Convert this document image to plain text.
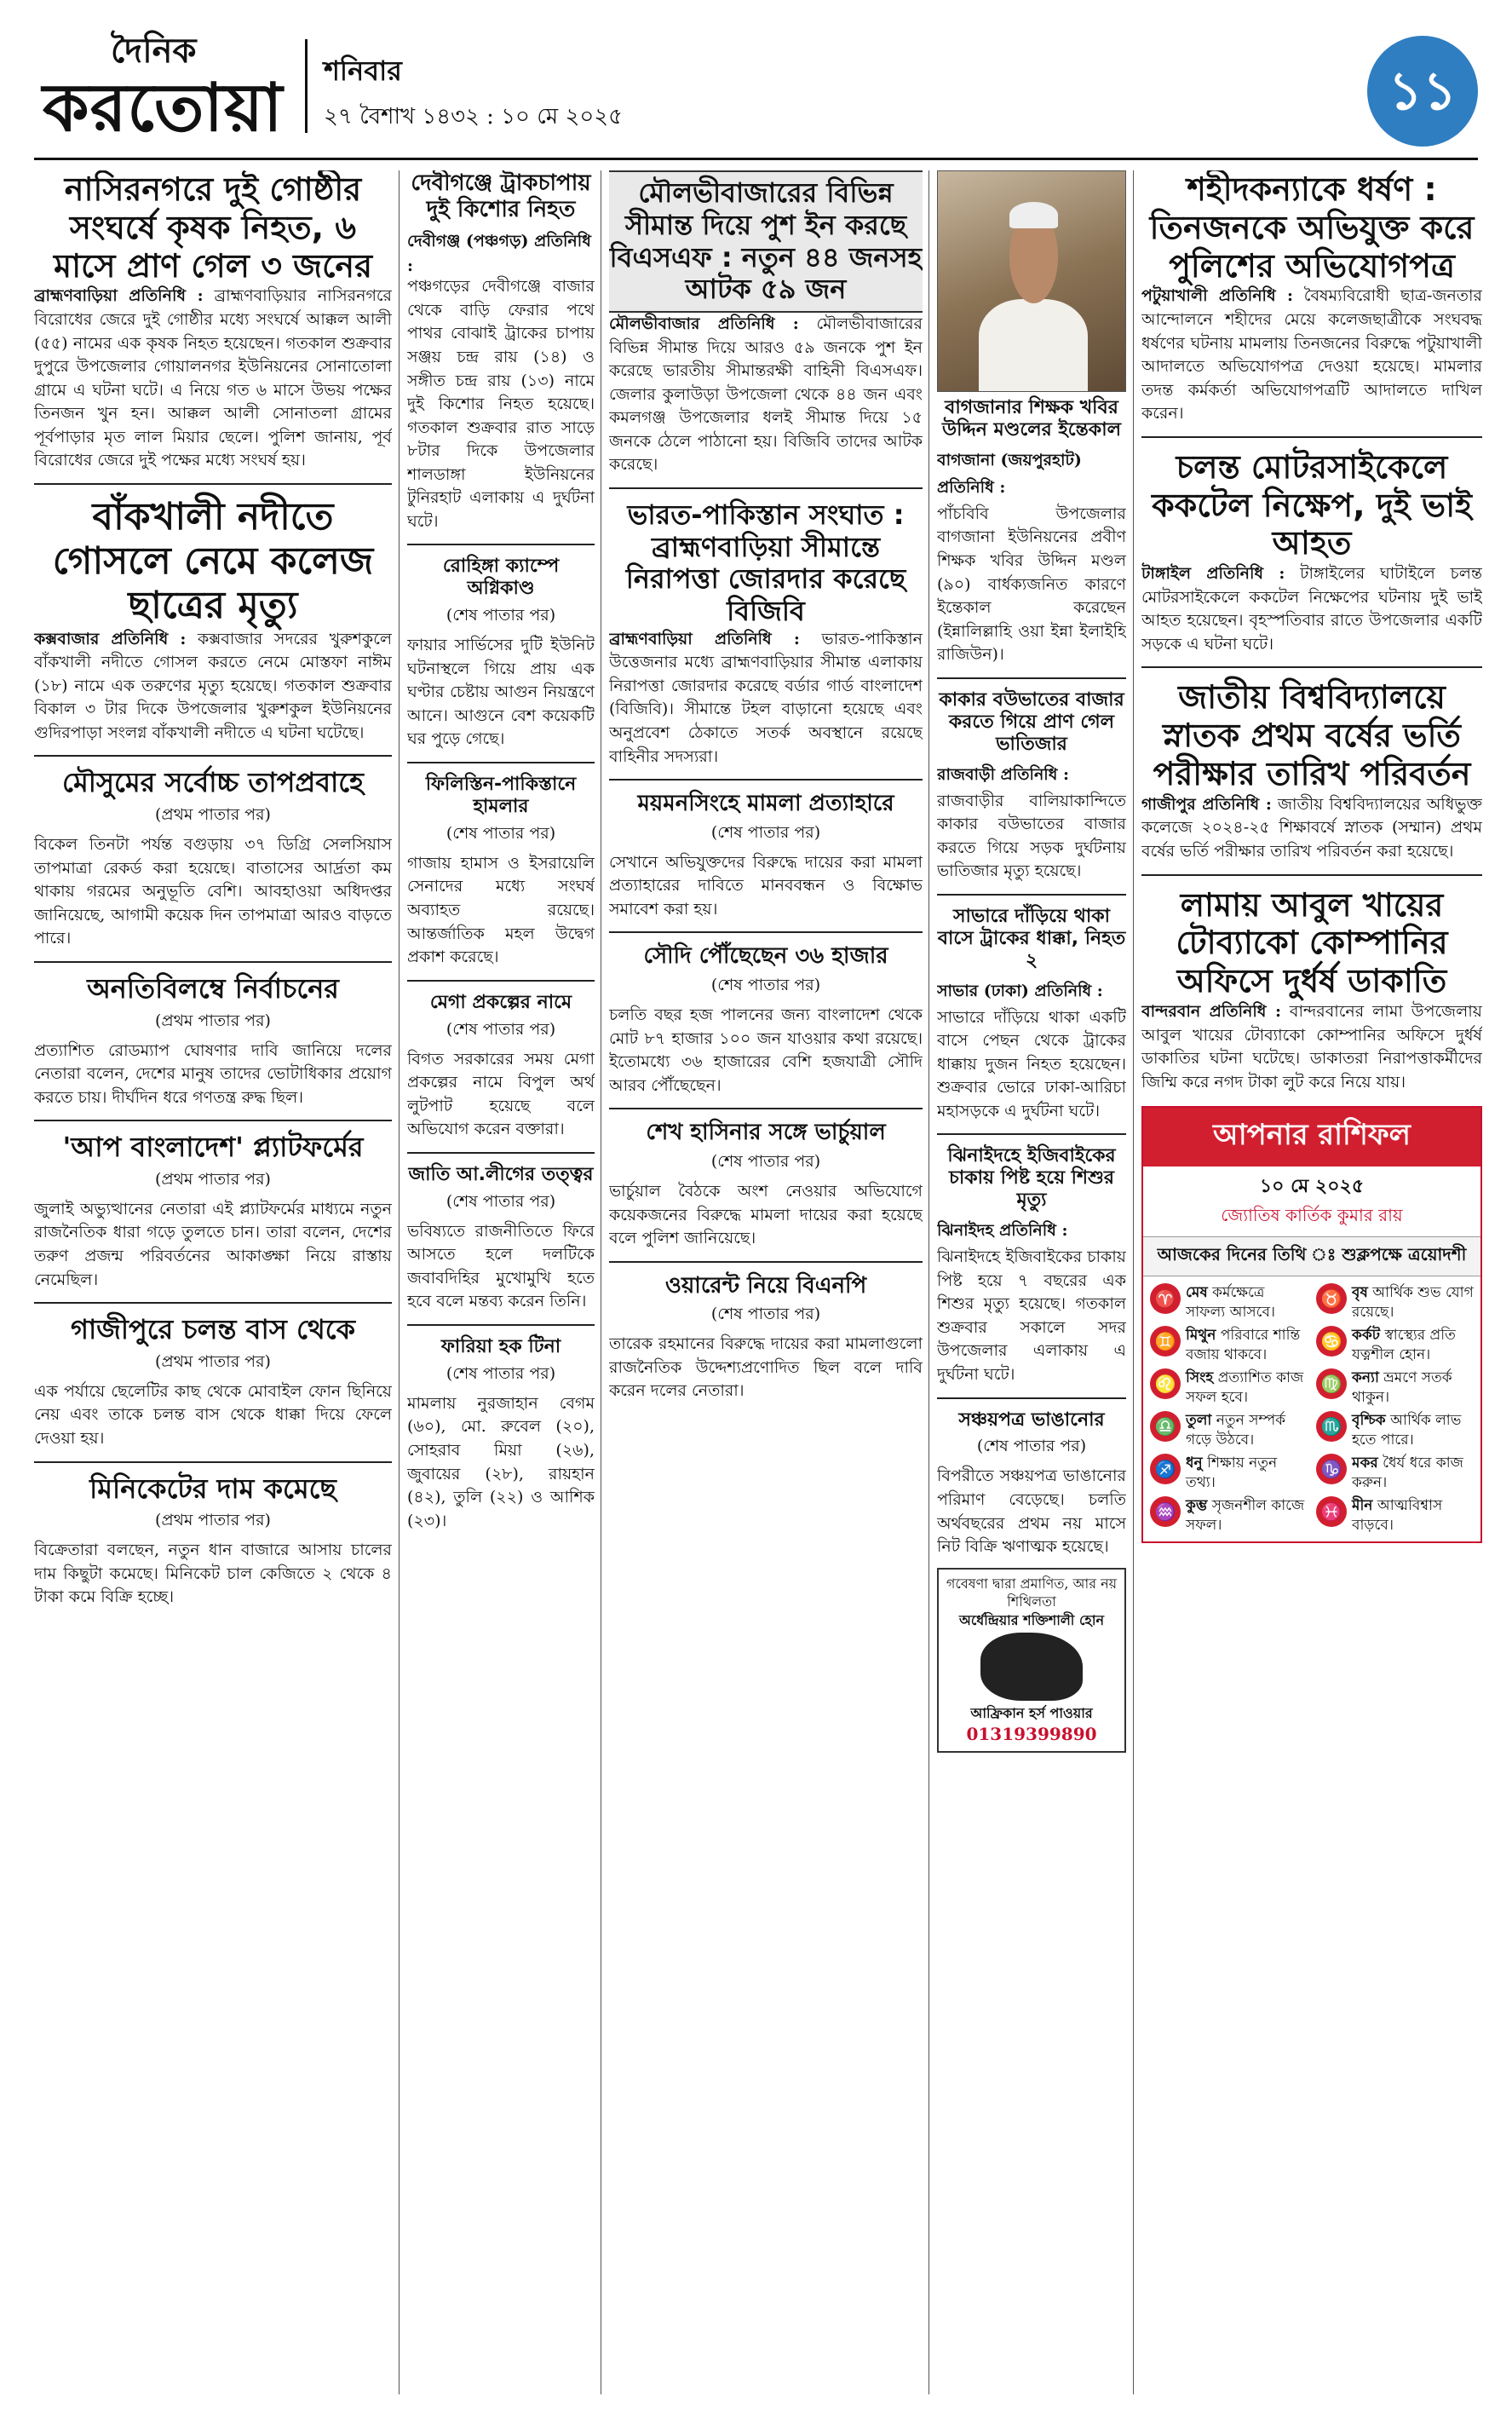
দৈনিক
করতোয়া শনিবার
২৭ বৈশাখ ১৪৩২ : ১০ মে ২০২৫	১১
নাসিরনগরে দুই গোষ্ঠীর সংঘর্ষে কৃষক নিহত, ৬ মাসে প্রাণ গেল ৩ জনের

ব্রাহ্মণবাড়িয়া প্রতিনিধি : ব্রাহ্মণবাড়িয়ার নাসিরনগরে বিরোধের জেরে দুই গোষ্ঠীর মধ্যে সংঘর্ষে আক্কল আলী (৫৫) নামের এক কৃষক নিহত হয়েছেন। গতকাল শুক্রবার দুপুরে উপজেলার গোয়ালনগর ইউনিয়নের সোনাতোলা গ্রামে এ ঘটনা ঘটে। এ নিয়ে গত ৬ মাসে উভয় পক্ষের তিনজন খুন হন। আক্কল আলী সোনাতলা গ্রামের পূর্বপাড়ার মৃত লাল মিয়ার ছেলে। পুলিশ জানায়, পূর্ব বিরোধের জেরে দুই পক্ষের মধ্যে সংঘর্ষ হয়।

বাঁকখালী নদীতে গোসলে নেমে কলেজ ছাত্রের মৃত্যু

কক্সবাজার প্রতিনিধি : কক্সবাজার সদরের খুরুশকুলে বাঁকখালী নদীতে গোসল করতে নেমে মোস্তফা নাঈম (১৮) নামে এক তরুণের মৃত্যু হয়েছে। গতকাল শুক্রবার বিকাল ৩ টার দিকে উপজেলার খুরুশকুল ইউনিয়নের গুদিরপাড়া সংলগ্ন বাঁকখালী নদীতে এ ঘটনা ঘটেছে।

মৌসুমের সর্বোচ্চ তাপপ্রবাহে
(প্রথম পাতার পর)
বিকেল তিনটা পর্যন্ত বগুড়ায় ৩৭ ডিগ্রি সেলসিয়াস তাপমাত্রা রেকর্ড করা হয়েছে। বাতাসের আর্দ্রতা কম থাকায় গরমের অনুভূতি বেশি। আবহাওয়া অধিদপ্তর জানিয়েছে, আগামী কয়েক দিন তাপমাত্রা আরও বাড়তে পারে।
অনতিবিলম্বে নির্বাচনের
(প্রথম পাতার পর)
প্রত্যাশিত রোডম্যাপ ঘোষণার দাবি জানিয়ে দলের নেতারা বলেন, দেশের মানুষ তাদের ভোটাধিকার প্রয়োগ করতে চায়। দীর্ঘদিন ধরে গণতন্ত্র রুদ্ধ ছিল।
'আপ বাংলাদেশ' প্ল্যাটফর্মের
(প্রথম পাতার পর)
জুলাই অভ্যুত্থানের নেতারা এই প্ল্যাটফর্মের মাধ্যমে নতুন রাজনৈতিক ধারা গড়ে তুলতে চান। তারা বলেন, দেশের তরুণ প্রজন্ম পরিবর্তনের আকাঙ্ক্ষা নিয়ে রাস্তায় নেমেছিল।
গাজীপুরে চলন্ত বাস থেকে
(প্রথম পাতার পর)
এক পর্যায়ে ছেলেটির কাছ থেকে মোবাইল ফোন ছিনিয়ে নেয় এবং তাকে চলন্ত বাস থেকে ধাক্কা দিয়ে ফেলে দেওয়া হয়।
মিনিকেটের দাম কমেছে
(প্রথম পাতার পর)
বিক্রেতারা বলছেন, নতুন ধান বাজারে আসায় চালের দাম কিছুটা কমেছে। মিনিকেট চাল কেজিতে ২ থেকে ৪ টাকা কমে বিক্রি হচ্ছে।
দেবীগঞ্জে ট্রাকচাপায় দুই কিশোর নিহত
দেবীগঞ্জ (পঞ্চগড়) প্রতিনিধি :
পঞ্চগড়ের দেবীগঞ্জে বাজার থেকে বাড়ি ফেরার পথে পাথর বোঝাই ট্রাকের চাপায় সঞ্জয় চন্দ্র রায় (১৪) ও সঙ্গীত চন্দ্র রায় (১৩) নামে দুই কিশোর নিহত হয়েছে। গতকাল শুক্রবার রাত সাড়ে ৮টার দিকে উপজেলার শালডাঙ্গা ইউনিয়নের টুনিরহাট এলাকায় এ দুর্ঘটনা ঘটে।
রোহিঙ্গা ক্যাম্পে অগ্নিকাণ্ড
(শেষ পাতার পর)
ফায়ার সার্ভিসের দুটি ইউনিট ঘটনাস্থলে গিয়ে প্রায় এক ঘণ্টার চেষ্টায় আগুন নিয়ন্ত্রণে আনে। আগুনে বেশ কয়েকটি ঘর পুড়ে গেছে।
ফিলিস্তিন-পাকিস্তানে হামলার
(শেষ পাতার পর)
গাজায় হামাস ও ইসরায়েলি সেনাদের মধ্যে সংঘর্ষ অব্যাহত রয়েছে। আন্তর্জাতিক মহল উদ্বেগ প্রকাশ করেছে।
মেগা প্রকল্পের নামে
(শেষ পাতার পর)
বিগত সরকারের সময় মেগা প্রকল্পের নামে বিপুল অর্থ লুটপাট হয়েছে বলে অভিযোগ করেন বক্তারা।
জাতি আ.লীগের তত্ত্বর
(শেষ পাতার পর)
ভবিষ্যতে রাজনীতিতে ফিরে আসতে হলে দলটিকে জবাবদিহির মুখোমুখি হতে হবে বলে মন্তব্য করেন তিনি।
ফারিয়া হক টিনা
(শেষ পাতার পর)
মামলায় নুরজাহান বেগম (৬০), মো. রুবেল (২০), সোহরাব মিয়া (২৬), জুবায়ের (২৮), রায়হান (৪২), তুলি (২২) ও আশিক (২৩)।
মৌলভীবাজারের বিভিন্ন সীমান্ত দিয়ে পুশ ইন করছে বিএসএফ : নতুন ৪৪ জনসহ আটক ৫৯ জন

মৌলভীবাজার প্রতিনিধি : মৌলভীবাজারের বিভিন্ন সীমান্ত দিয়ে আরও ৫৯ জনকে পুশ ইন করেছে ভারতীয় সীমান্তরক্ষী বাহিনী বিএসএফ। জেলার কুলাউড়া উপজেলা থেকে ৪৪ জন এবং কমলগঞ্জ উপজেলার ধলই সীমান্ত দিয়ে ১৫ জনকে ঠেলে পাঠানো হয়। বিজিবি তাদের আটক করেছে।

ভারত-পাকিস্তান সংঘাত : ব্রাহ্মণবাড়িয়া সীমান্তে নিরাপত্তা জোরদার করেছে বিজিবি

ব্রাহ্মণবাড়িয়া প্রতিনিধি : ভারত-পাকিস্তান উত্তেজনার মধ্যে ব্রাহ্মণবাড়িয়ার সীমান্ত এলাকায় নিরাপত্তা জোরদার করেছে বর্ডার গার্ড বাংলাদেশ (বিজিবি)। সীমান্তে টহল বাড়ানো হয়েছে এবং অনুপ্রবেশ ঠেকাতে সতর্ক অবস্থানে রয়েছে বাহিনীর সদস্যরা।

ময়মনসিংহে মামলা প্রত্যাহারে
(শেষ পাতার পর)
সেখানে অভিযুক্তদের বিরুদ্ধে দায়ের করা মামলা প্রত্যাহারের দাবিতে মানববন্ধন ও বিক্ষোভ সমাবেশ করা হয়।
সৌদি পৌঁছেছেন ৩৬ হাজার
(শেষ পাতার পর)
চলতি বছর হজ পালনের জন্য বাংলাদেশ থেকে মোট ৮৭ হাজার ১০০ জন যাওয়ার কথা রয়েছে। ইতোমধ্যে ৩৬ হাজারের বেশি হজযাত্রী সৌদি আরব পৌঁছেছেন।
শেখ হাসিনার সঙ্গে ভার্চুয়াল
(শেষ পাতার পর)
ভার্চুয়াল বৈঠকে অংশ নেওয়ার অভিযোগে কয়েকজনের বিরুদ্ধে মামলা দায়ের করা হয়েছে বলে পুলিশ জানিয়েছে।
ওয়ারেন্ট নিয়ে বিএনপি
(শেষ পাতার পর)
তারেক রহমানের বিরুদ্ধে দায়ের করা মামলাগুলো রাজনৈতিক উদ্দেশ্যপ্রণোদিত ছিল বলে দাবি করেন দলের নেতারা।
বাগজানার শিক্ষক খবির উদ্দিন মণ্ডলের ইন্তেকাল
বাগজানা (জয়পুরহাট) প্রতিনিধি :
পাঁচবিবি উপজেলার বাগজানা ইউনিয়নের প্রবীণ শিক্ষক খবির উদ্দিন মণ্ডল (৯০) বার্ধক্যজনিত কারণে ইন্তেকাল করেছেন (ইন্নালিল্লাহি ওয়া ইন্না ইলাইহি রাজিউন)।
কাকার বউভাতের বাজার করতে গিয়ে প্রাণ গেল ভাতিজার
রাজবাড়ী প্রতিনিধি :
রাজবাড়ীর বালিয়াকান্দিতে কাকার বউভাতের বাজার করতে গিয়ে সড়ক দুর্ঘটনায় ভাতিজার মৃত্যু হয়েছে।
সাভারে দাঁড়িয়ে থাকা বাসে ট্রাকের ধাক্কা, নিহত ২
সাভার (ঢাকা) প্রতিনিধি :
সাভারে দাঁড়িয়ে থাকা একটি বাসে পেছন থেকে ট্রাকের ধাক্কায় দুজন নিহত হয়েছেন। শুক্রবার ভোরে ঢাকা-আরিচা মহাসড়কে এ দুর্ঘটনা ঘটে।
ঝিনাইদহে ইজিবাইকের চাকায় পিষ্ট হয়ে শিশুর মৃত্যু
ঝিনাইদহ প্রতিনিধি :
ঝিনাইদহে ইজিবাইকের চাকায় পিষ্ট হয়ে ৭ বছরের এক শিশুর মৃত্যু হয়েছে। গতকাল শুক্রবার সকালে সদর উপজেলার এলাকায় এ দুর্ঘটনা ঘটে।
সঞ্চয়পত্র ভাঙানোর
(শেষ পাতার পর)
বিপরীতে সঞ্চয়পত্র ভাঙানোর পরিমাণ বেড়েছে। চলতি অর্থবছরের প্রথম নয় মাসে নিট বিক্রি ঋণাত্মক হয়েছে।
গবেষণা দ্বারা প্রমাণিত, আর নয় শিথিলতা
অর্ধেন্দ্রিয়ার শক্তিশালী হোন
আফ্রিকান হর্স পাওয়ার
01319399890
শহীদকন্যাকে ধর্ষণ : তিনজনকে অভিযুক্ত করে পুলিশের অভিযোগপত্র

পটুয়াখালী প্রতিনিধি : বৈষম্যবিরোধী ছাত্র-জনতার আন্দোলনে শহীদের মেয়ে কলেজছাত্রীকে সংঘবদ্ধ ধর্ষণের ঘটনায় মামলায় তিনজনের বিরুদ্ধে পটুয়াখালী আদালতে অভিযোগপত্র দেওয়া হয়েছে। মামলার তদন্ত কর্মকর্তা অভিযোগপত্রটি আদালতে দাখিল করেন।

চলন্ত মোটরসাইকেলে ককটেল নিক্ষেপ, দুই ভাই আহত

টাঙ্গাইল প্রতিনিধি : টাঙ্গাইলের ঘাটাইলে চলন্ত মোটরসাইকেলে ককটেল নিক্ষেপের ঘটনায় দুই ভাই আহত হয়েছেন। বৃহস্পতিবার রাতে উপজেলার একটি সড়কে এ ঘটনা ঘটে।

জাতীয় বিশ্ববিদ্যালয়ে স্নাতক প্রথম বর্ষের ভর্তি পরীক্ষার তারিখ পরিবর্তন

গাজীপুর প্রতিনিধি : জাতীয় বিশ্ববিদ্যালয়ের অধিভুক্ত কলেজে ২০২৪-২৫ শিক্ষাবর্ষে স্নাতক (সম্মান) প্রথম বর্ষের ভর্তি পরীক্ষার তারিখ পরিবর্তন করা হয়েছে।

লামায় আবুল খায়ের টোব্যাকো কোম্পানির অফিসে দুর্ধর্ষ ডাকাতি

বান্দরবান প্রতিনিধি : বান্দরবানের লামা উপজেলায় আবুল খায়ের টোব্যাকো কোম্পানির অফিসে দুর্ধর্ষ ডাকাতির ঘটনা ঘটেছে। ডাকাতরা নিরাপত্তাকর্মীদের জিম্মি করে নগদ টাকা লুট করে নিয়ে যায়।

আপনার রাশিফল
১০ মে ২০২৫
জ্যোতিষ কার্তিক কুমার রায়
আজকের দিনের তিথি ঃ শুক্লপক্ষে ত্রয়োদশী
♈ মেষ কর্মক্ষেত্রে সাফল্য আসবে।
♉ বৃষ আর্থিক শুভ যোগ রয়েছে।
♊ মিথুন পরিবারে শান্তি বজায় থাকবে।
♋ কর্কট স্বাস্থ্যের প্রতি যত্নশীল হোন।
♌ সিংহ প্রত্যাশিত কাজ সফল হবে।
♍ কন্যা ভ্রমণে সতর্ক থাকুন।
♎ তুলা নতুন সম্পর্ক গড়ে উঠবে।
♏ বৃশ্চিক আর্থিক লাভ হতে পারে।
♐ ধনু শিক্ষায় নতুন তথ্য।
♑ মকর ধৈর্য ধরে কাজ করুন।
♒ কুম্ভ সৃজনশীল কাজে সফল।
♓ মীন আত্মবিশ্বাস বাড়বে।
